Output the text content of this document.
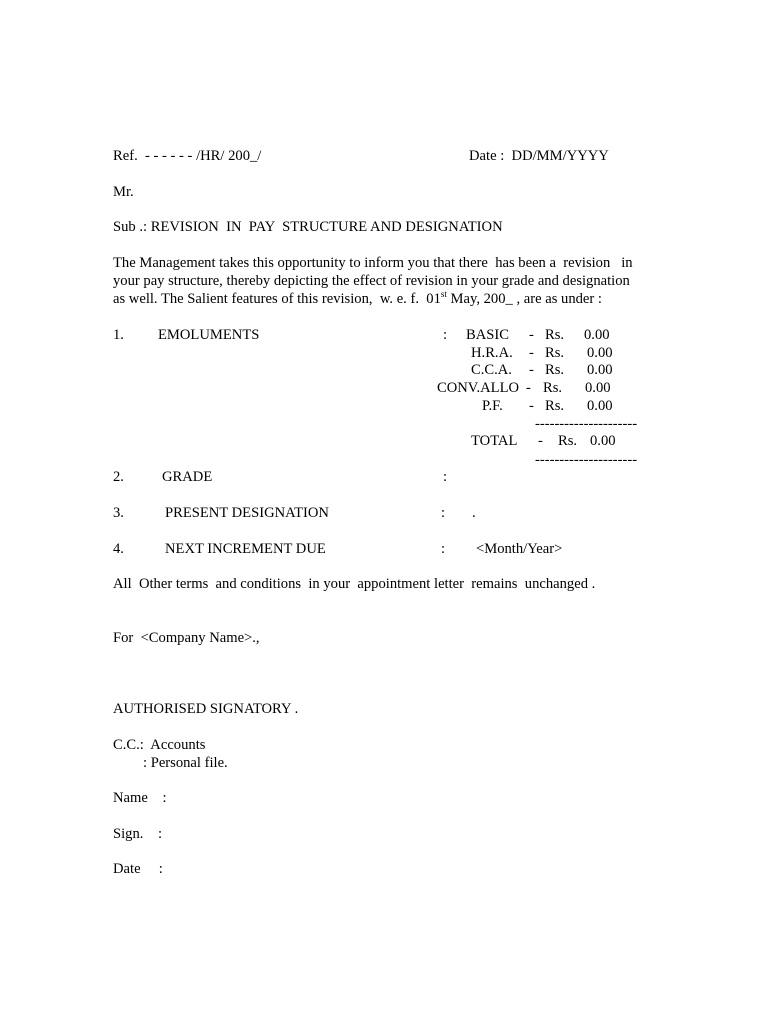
Ref.  - - - - - - /HR/ 200_/	Date :  DD/MM/YYYY
Mr.
Sub .: REVISION  IN  PAY  STRUCTURE AND DESIGNATION
The Management takes this opportunity to inform you that there  has been a  revision   in
your pay structure, thereby depicting the effect of revision in your grade and designation
as well. The Salient features of this revision,  w. e. f.  01st May, 200_ , are as under :
1. EMOLUMENTS	: BASIC - Rs. 0.00
H.R.A. - Rs. 0.00
C.C.A. - Rs. 0.00
CONV.ALLO - Rs. 0.00
P.F. - Rs. 0.00
---------------------
TOTAL - Rs. 0.00
---------------------
2.	GRADE	:
3.	PRESENT DESIGNATION	: .
4.	NEXT INCREMENT DUE	: <Month/Year>
All  Other terms  and conditions  in your  appointment letter  remains  unchanged .
For  <Company Name>.,
AUTHORISED SIGNATORY .
C.C.:  Accounts
: Personal file.
Name    :
Sign.    :
Date     :
